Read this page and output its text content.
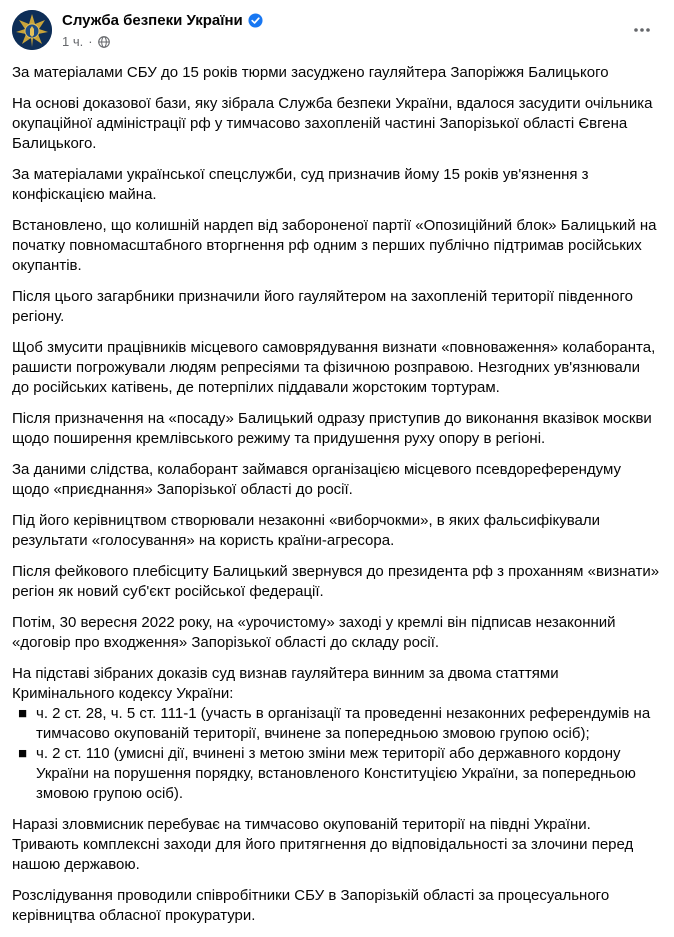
Служба безпеки України
1 ч. ·

За матеріалами СБУ до 15 років тюрми засуджено гауляйтера Запоріжжя Балицького

На основі доказової бази, яку зібрала Служба безпеки України, вдалося засудити очільника окупаційної адміністрації рф у тимчасово захопленій частині Запорізької області Євгена Балицького.

За матеріалами української спецслужби, суд призначив йому 15 років ув'язнення з конфіскацією майна.

Встановлено, що колишній нардеп від забороненої партії «Опозиційний блок» Балицький на початку повномасштабного вторгнення рф одним з перших публічно підтримав російських окупантів.

Після цього загарбники призначили його гауляйтером на захопленій території південного регіону.

Щоб змусити працівників місцевого самоврядування визнати «повноваження» колаборанта, рашисти погрожували людям репресіями та фізичною розправою. Незгодних ув'язнювали до російських катівень, де потерпілих піддавали жорстоким тортурам.

Після призначення на «посаду» Балицький одразу приступив до виконання вказівок москви щодо поширення кремлівського режиму та придушення руху опору в регіоні.

За даними слідства, колаборант займався організацією місцевого псевдореферендуму щодо «приєднання» Запорізької області до росії.

Під його керівництвом створювали незаконні «виборчокми», в яких фальсифікували результати «голосування» на користь країни-агресора.

Після фейкового плебісциту Балицький звернувся до президента рф з проханням «визнати» регіон як новий суб'єкт російської федерації.

Потім, 30 вересня 2022 року, на «урочистому» заході у кремлі він підписав незаконний «договір про входження» Запорізької області до складу росії.

На підставі зібраних доказів суд визнав гауляйтера винним за двома статтями Кримінального кодексу України:

■ ч. 2 ст. 28, ч. 5 ст. 111-1 (участь в організації та проведенні незаконних референдумів на тимчасово окупованій території, вчинене за попередньою змовою групою осіб);
■ ч. 2 ст. 110 (умисні дії, вчинені з метою зміни меж території або державного кордону України на порушення порядку, встановленого Конституцією України, за попередньою змовою групою осіб).

Наразі зловмисник перебуває на тимчасово окупованій території на півдні України. Тривають комплексні заходи для його притягнення до відповідальності за злочини перед нашою державою.

Розслідування проводили співробітники СБУ в Запорізькій області за процесуального керівництва обласної прокуратури.
